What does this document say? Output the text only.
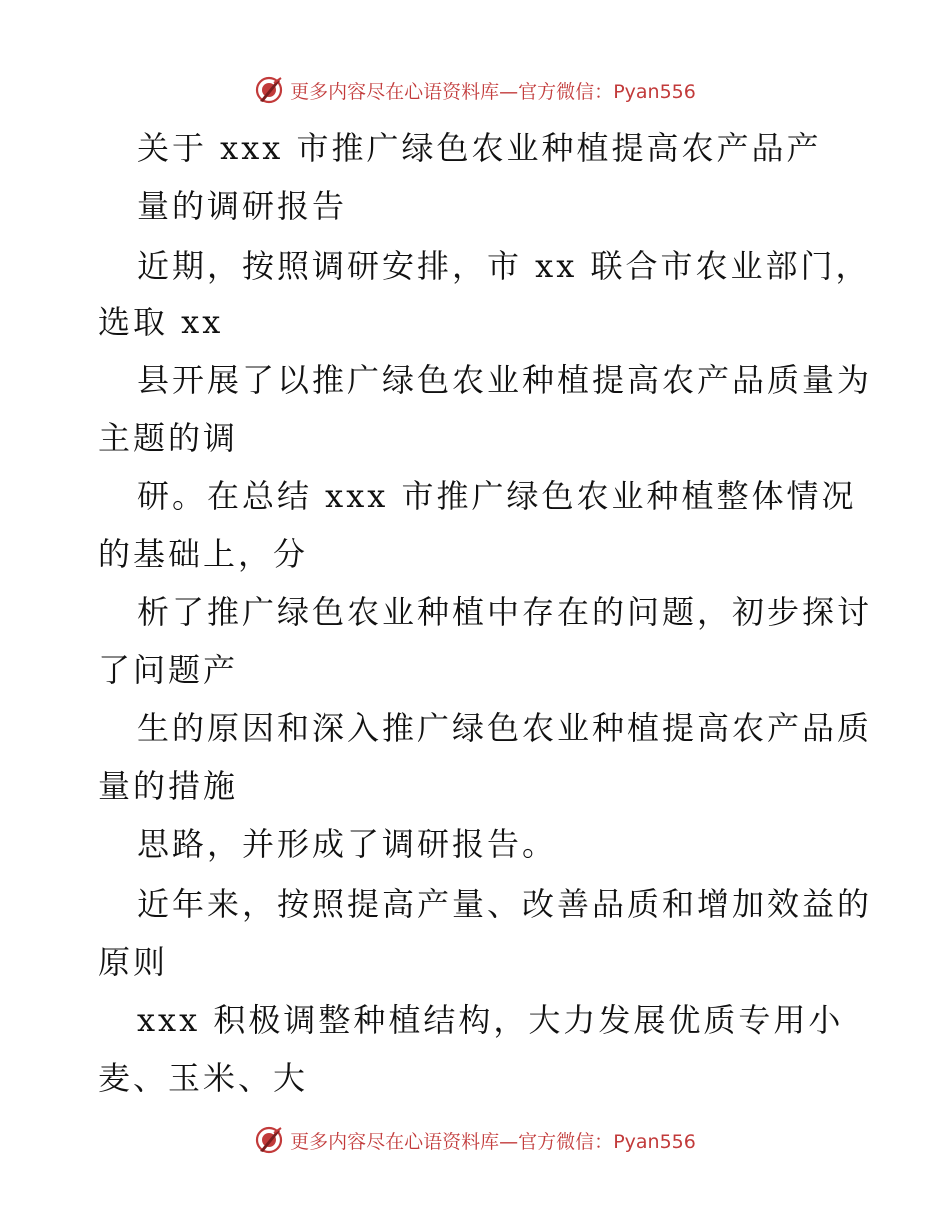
更多内容尽在心语资料库—官方微信：Pyan556
关于 xxx 市推广绿色农业种植提高农产品产
量的调研报告
近期，按照调研安排，市 xx 联合市农业部门，
选取 xx
县开展了以推广绿色农业种植提高农产品质量为
主题的调
研。在总结 xxx 市推广绿色农业种植整体情况
的基础上，分
析了推广绿色农业种植中存在的问题，初步探讨
了问题产
生的原因和深入推广绿色农业种植提高农产品质
量的措施
思路，并形成了调研报告。
近年来，按照提高产量、改善品质和增加效益的
原则
xxx 积极调整种植结构，大力发展优质专用小
麦、玉米、大
更多内容尽在心语资料库—官方微信：Pyan556
